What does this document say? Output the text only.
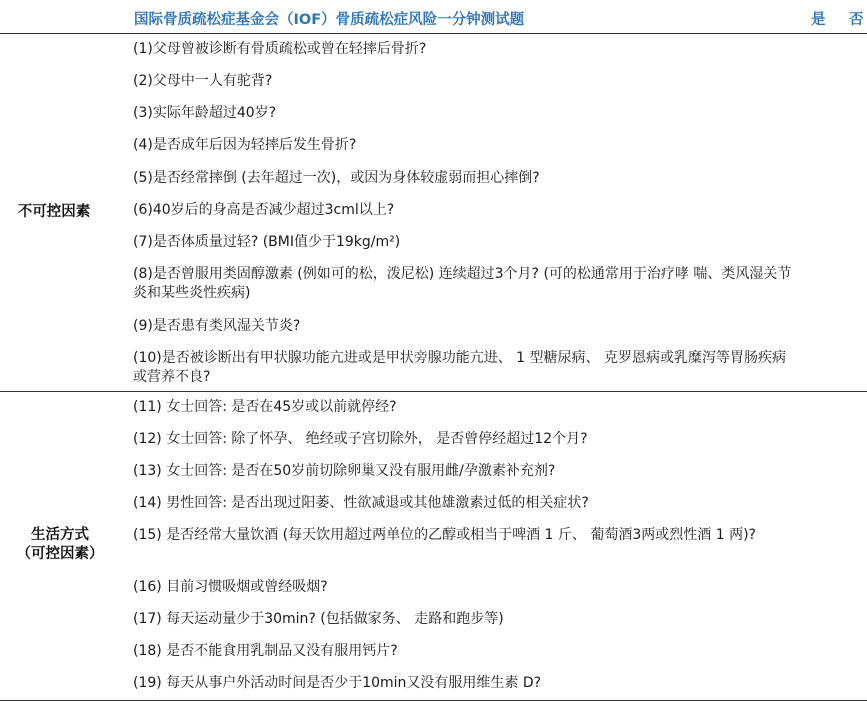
国际骨质疏松症基金会（IOF）骨质疏松症风险一分钟测试题	是 否
不可控因素
(1)父母曾被诊断有骨质疏松或曾在轻摔后骨折?
(2)父母中一人有驼背?
(3)实际年龄超过40岁?
(4)是否成年后因为轻摔后发生骨折?
(5)是否经常摔倒 (去年超过一次)，或因为身体较虚弱而担心摔倒?
(6)40岁后的身高是否减少超过3cml以上?
(7)是否体质量过轻? (BMI值少于19kg/m²)
(8)是否曾服用类固醇激素 (例如可的松，泼尼松) 连续超过3个月? (可的松通常用于治疗哮 喘、类风湿关节炎和某些炎性疾病)
(9)是否患有类风湿关节炎?
(10)是否被诊断出有甲状腺功能亢进或是甲状旁腺功能亢进、 1 型糖尿病、 克罗恩病或乳糜泻等胃肠疾病或营养不良?
生活方式
（可控因素）
(11) 女士回答: 是否在45岁或以前就停经?
(12) 女士回答: 除了怀孕、 绝经或子宫切除外， 是否曾停经超过12个月?
(13) 女士回答: 是否在50岁前切除卵巢又没有服用雌/孕激素补充剂?
(14) 男性回答: 是否出现过阳萎、性欲减退或其他雄激素过低的相关症状?
(15) 是否经常大量饮酒 (每天饮用超过两单位的乙醇或相当于啤酒 1 斤、 葡萄酒3两或烈性酒 1 两)?
(16) 目前习惯吸烟或曾经吸烟?
(17) 每天运动量少于30min? (包括做家务、 走路和跑步等)
(18) 是否不能食用乳制品又没有服用钙片?
(19) 每天从事户外活动时间是否少于10min又没有服用维生素 D?
